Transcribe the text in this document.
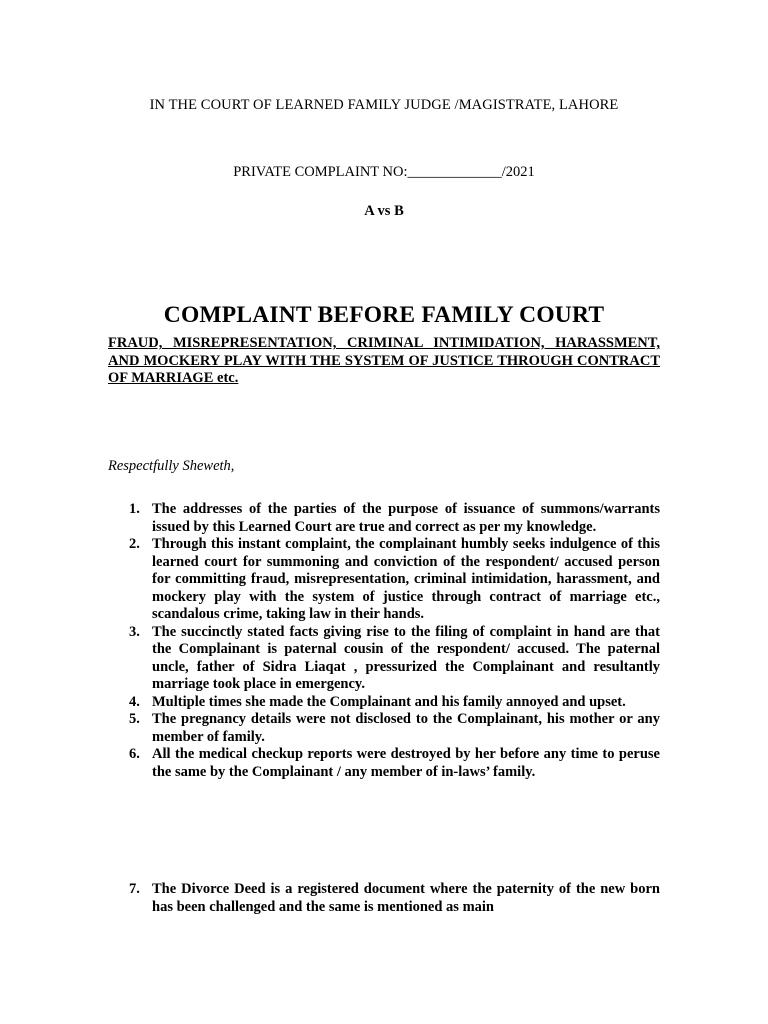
IN THE COURT OF LEARNED FAMILY JUDGE /MAGISTRATE, LAHORE
PRIVATE COMPLAINT NO:_____________/2021
A vs B
COMPLAINT BEFORE FAMILY COURT
FRAUD, MISREPRESENTATION, CRIMINAL INTIMIDATION, HARASSMENT, AND MOCKERY PLAY WITH THE SYSTEM OF JUSTICE THROUGH CONTRACT OF MARRIAGE etc.
Respectfully Sheweth,
1. The addresses of the parties of the purpose of issuance of summons/warrants issued by this Learned Court are true and correct as per my knowledge.
2. Through this instant complaint, the complainant humbly seeks indulgence of this learned court for summoning and conviction of the respondent/ accused person for committing fraud, misrepresentation, criminal intimidation, harassment, and mockery play with the system of justice through contract of marriage etc., scandalous crime, taking law in their hands.
3. The succinctly stated facts giving rise to the filing of complaint in hand are that the Complainant is paternal cousin of the respondent/ accused. The paternal uncle, father of Sidra Liaqat , pressurized the Complainant and resultantly marriage took place in emergency.
4. Multiple times she made the Complainant and his family annoyed and upset.
5. The pregnancy details were not disclosed to the Complainant, his mother or any member of family.
6. All the medical checkup reports were destroyed by her before any time to peruse the same by the Complainant / any member of in-laws’ family.
7. The Divorce Deed is a registered document where the paternity of the new born has been challenged and the same is mentioned as main
